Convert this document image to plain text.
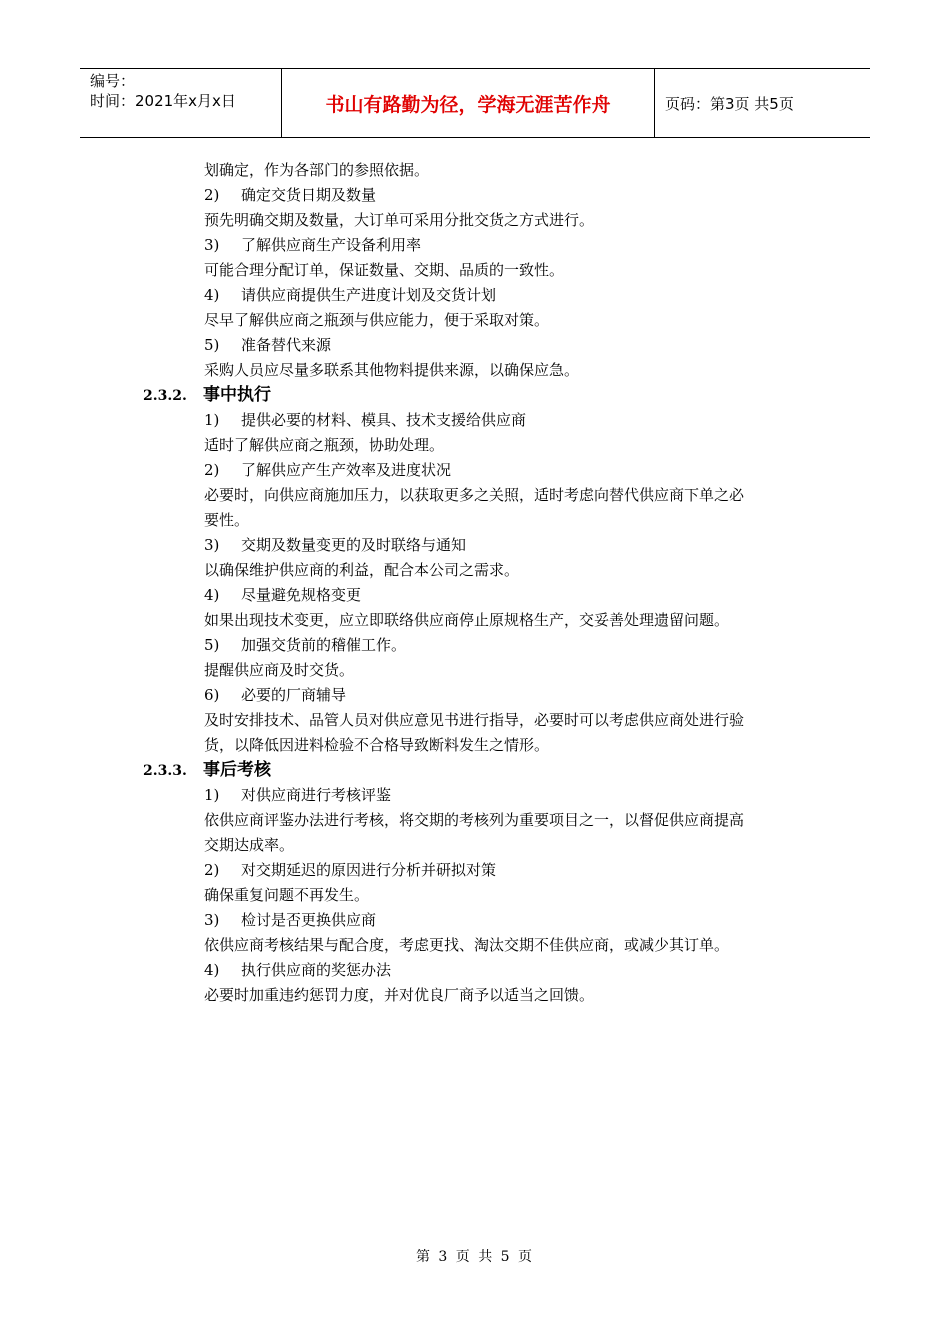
编号：
时间：2021年x月x日	书山有路勤为径，学海无涯苦作舟	页码：第3页 共5页
划确定，作为各部门的参照依据。
2) 确定交货日期及数量
预先明确交期及数量，大订单可采用分批交货之方式进行。
3) 了解供应商生产设备利用率
可能合理分配订单，保证数量、交期、品质的一致性。
4) 请供应商提供生产进度计划及交货计划
尽早了解供应商之瓶颈与供应能力，便于采取对策。
5) 准备替代来源
采购人员应尽量多联系其他物料提供来源，以确保应急。
2.3.2. 事中执行
1) 提供必要的材料、模具、技术支援给供应商
适时了解供应商之瓶颈，协助处理。
2) 了解供应产生产效率及进度状况
必要时，向供应商施加压力，以获取更多之关照，适时考虑向替代供应商下单之必
要性。
3) 交期及数量变更的及时联络与通知
以确保维护供应商的利益，配合本公司之需求。
4) 尽量避免规格变更
如果出现技术变更，应立即联络供应商停止原规格生产，交妥善处理遗留问题。
5) 加强交货前的稽催工作。
提醒供应商及时交货。
6) 必要的厂商辅导
及时安排技术、品管人员对供应意见书进行指导，必要时可以考虑供应商处进行验
货，以降低因进料检验不合格导致断料发生之情形。
2.3.3. 事后考核
1) 对供应商进行考核评鉴
依供应商评鉴办法进行考核，将交期的考核列为重要项目之一，以督促供应商提高
交期达成率。
2) 对交期延迟的原因进行分析并研拟对策
确保重复问题不再发生。
3) 检讨是否更换供应商
依供应商考核结果与配合度，考虑更找、淘汰交期不佳供应商，或减少其订单。
4) 执行供应商的奖惩办法
必要时加重违约惩罚力度，并对优良厂商予以适当之回馈。
第 3 页 共 5 页
